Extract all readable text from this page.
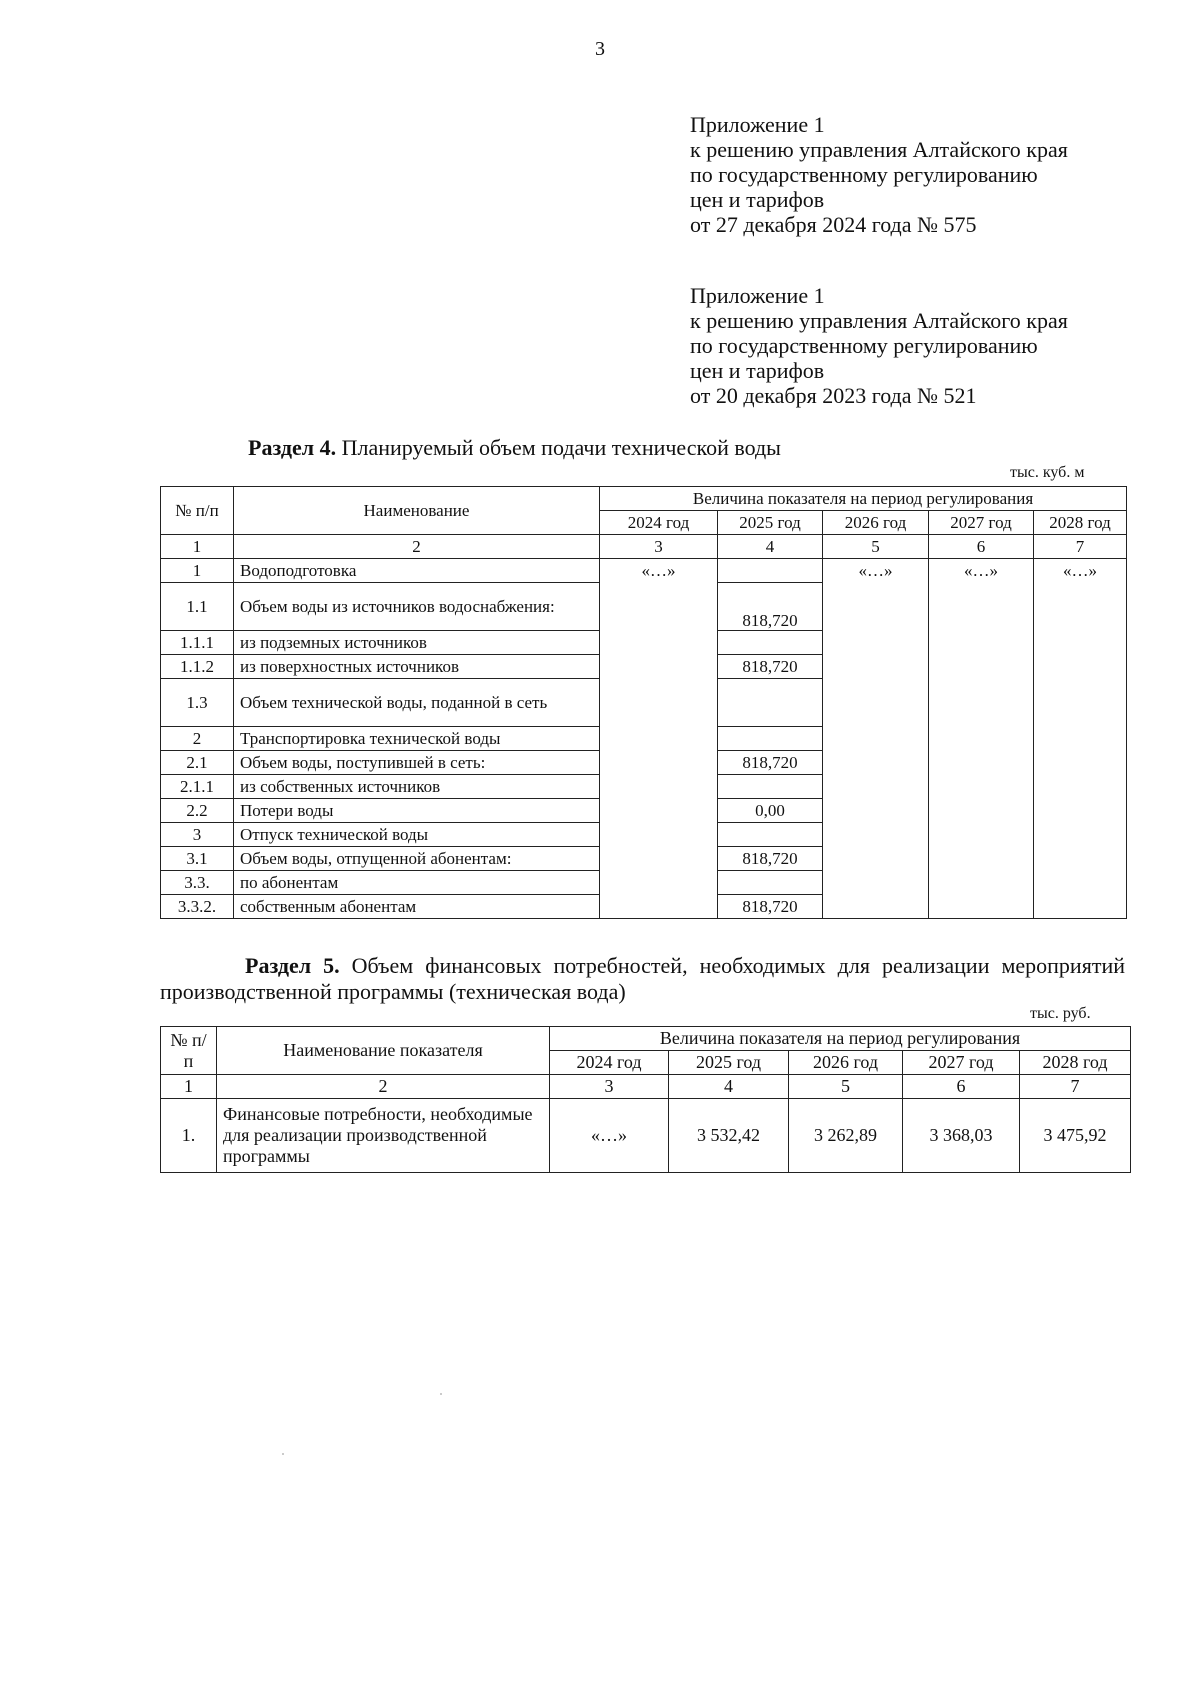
3
Приложение 1
к решению управления Алтайского края
по государственному регулированию
цен и тарифов
от 27 декабря 2024 года № 575
Приложение 1
к решению управления Алтайского края
по государственному регулированию
цен и тарифов
от 20 декабря 2023 года № 521
Раздел 4. Планируемый объем подачи технической воды
тыс. куб. м
№ п/п	Наименование	Величина показателя на период регулирования				
		2024 год	2025 год	2026 год	2027 год	2028 год
1	2	3	4	5	6	7
1	Водоподготовка	«…»		«…»	«…»	«…»
1.1	Объем воды из источников водоснабжения:		818,720			
1.1.1	из подземных источников					
1.1.2	из поверхностных источников		818,720			
1.3	Объем технической воды, поданной в сеть					
2	Транспортировка технической воды					
2.1	Объем воды, поступившей в сеть:		818,720			
2.1.1	из собственных источников					
2.2	Потери воды		0,00			
3	Отпуск технической воды					
3.1	Объем воды, отпущенной абонентам:		818,720			
3.3.	по абонентам					
3.3.2.	собственным абонентам		818,720			
Раздел 5. Объем финансовых потребностей, необходимых для реализации мероприятий производственной программы (техническая вода)
тыс. руб.
№ п/п	Наименование показателя	Величина показателя на период регулирования				
		2024 год	2025 год	2026 год	2027 год	2028 год
1	2	3	4	5	6	7
1.	Финансовые потребности, необходимые для реализации производственной программы	«…»	3 532,42	3 262,89	3 368,03	3 475,92
